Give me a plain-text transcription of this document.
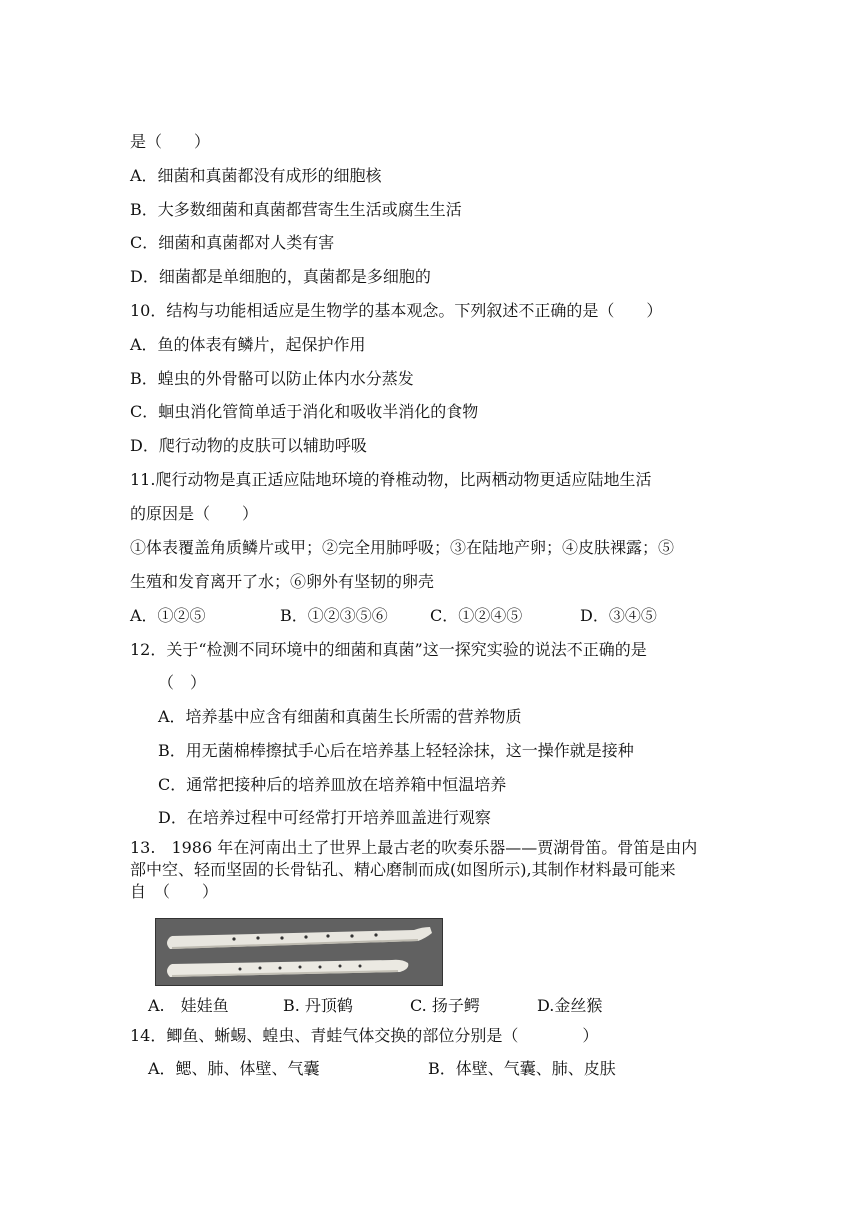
是（　　）
A．细菌和真菌都没有成形的细胞核
B．大多数细菌和真菌都营寄生生活或腐生生活
C．细菌和真菌都对人类有害
D．细菌都是单细胞的，真菌都是多细胞的
10．结构与功能相适应是生物学的基本观念。下列叙述不正确的是（　　）
A．鱼的体表有鳞片，起保护作用
B．蝗虫的外骨骼可以防止体内水分蒸发
C．蛔虫消化管简单适于消化和吸收半消化的食物
D．爬行动物的皮肤可以辅助呼吸
11.爬行动物是真正适应陆地环境的脊椎动物，比两栖动物更适应陆地生活
的原因是（　　）
①体表覆盖角质鳞片或甲；②完全用肺呼吸；③在陆地产卵；④皮肤裸露；⑤
生殖和发育离开了水；⑥卵外有坚韧的卵壳
A．①②⑤	B．①②③⑤⑥	C．①②④⑤	D．③④⑤
12．关于“检测不同环境中的细菌和真菌”这一探究实验的说法不正确的是
（　）
A．培养基中应含有细菌和真菌生长所需的营养物质
B．用无菌棉棒擦拭手心后在培养基上轻轻涂抹，这一操作就是接种
C．通常把接种后的培养皿放在培养箱中恒温培养
D．在培养过程中可经常打开培养皿盖进行观察
13.　1986 年在河南出土了世界上最古老的吹奏乐器——贾湖骨笛。骨笛是由内
部中空、轻而坚固的长骨钻孔、精心磨制而成(如图所示),其制作材料最可能来
自　（　　）
A.　娃娃鱼	B. 丹顶鹤	C. 扬子鳄	D.金丝猴
14．鲫鱼、蜥蜴、蝗虫、青蛙气体交换的部位分别是（　　　　）
A．鳃、肺、体壁、气囊	B．体壁、气囊、肺、皮肤
